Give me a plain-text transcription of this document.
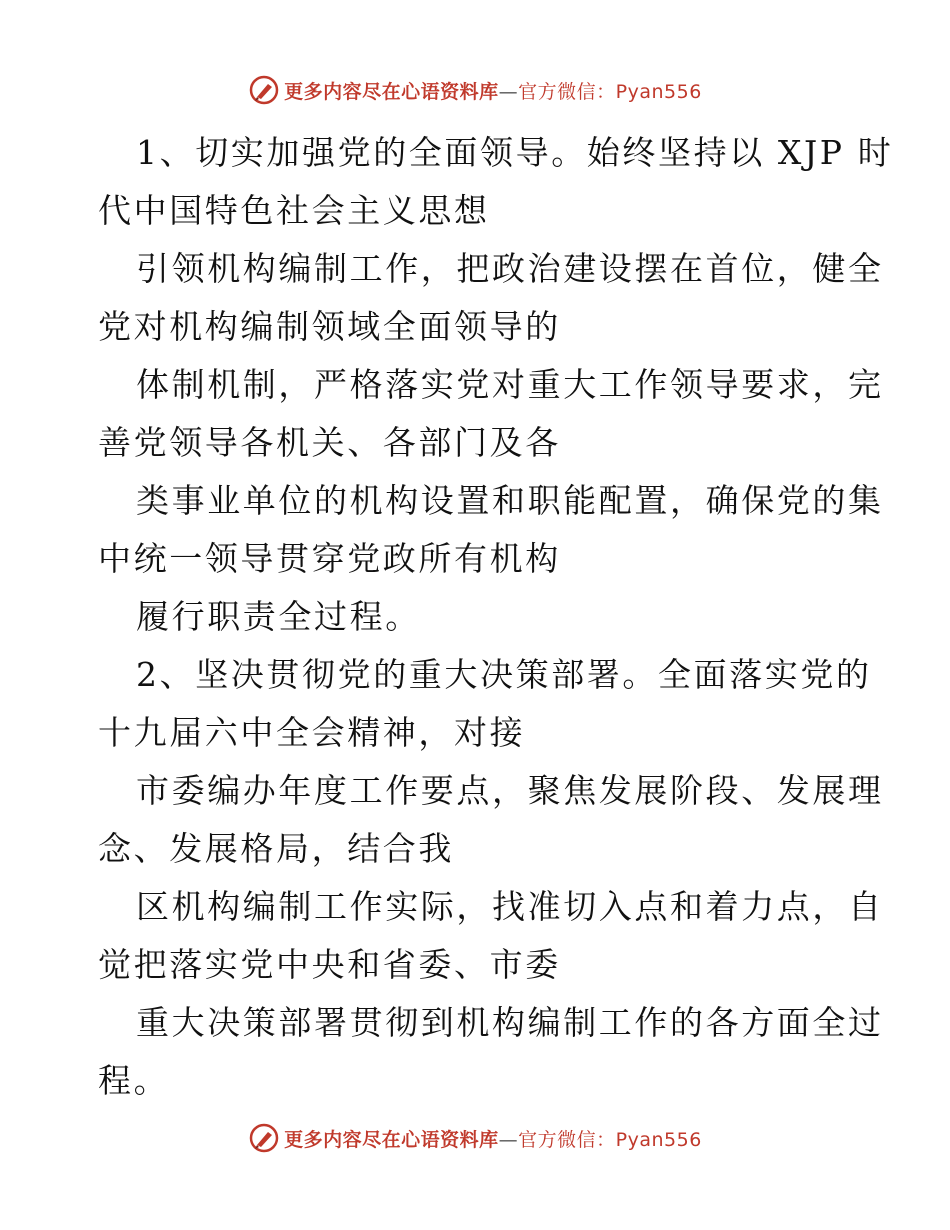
更多内容尽在心语资料库—官方微信：Pyan556
1、切实加强党的全面领导。始终坚持以 XJP 时
代中国特色社会主义思想
引领机构编制工作，把政治建设摆在首位，健全
党对机构编制领域全面领导的
体制机制，严格落实党对重大工作领导要求，完
善党领导各机关、各部门及各
类事业单位的机构设置和职能配置，确保党的集
中统一领导贯穿党政所有机构
履行职责全过程。
2、坚决贯彻党的重大决策部署。全面落实党的
十九届六中全会精神，对接
市委编办年度工作要点，聚焦发展阶段、发展理
念、发展格局，结合我
区机构编制工作实际，找准切入点和着力点，自
觉把落实党中央和省委、市委
重大决策部署贯彻到机构编制工作的各方面全过
程。
更多内容尽在心语资料库—官方微信：Pyan556
